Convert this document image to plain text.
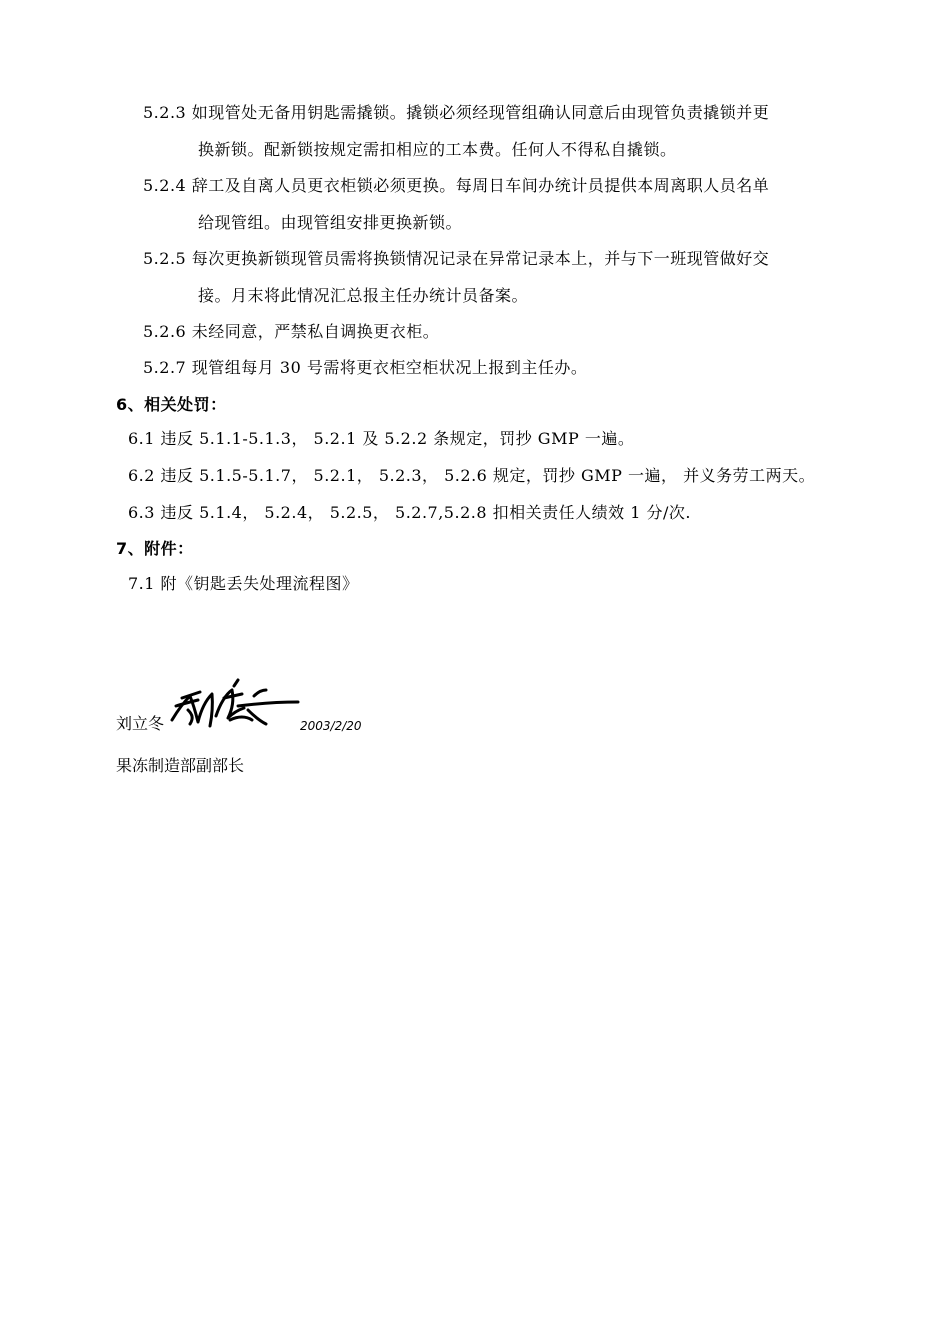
5.2.3 如现管处无备用钥匙需撬锁。撬锁必须经现管组确认同意后由现管负责撬锁并更
换新锁。配新锁按规定需扣相应的工本费。任何人不得私自撬锁。
5.2.4 辞工及自离人员更衣柜锁必须更换。每周日车间办统计员提供本周离职人员名单
给现管组。由现管组安排更换新锁。
5.2.5 每次更换新锁现管员需将换锁情况记录在异常记录本上，并与下一班现管做好交
接。月末将此情况汇总报主任办统计员备案。
5.2.6 未经同意，严禁私自调换更衣柜。
5.2.7 现管组每月 30 号需将更衣柜空柜状况上报到主任办。
6、相关处罚：
6.1 违反 5.1.1-5.1.3， 5.2.1 及 5.2.2 条规定，罚抄 GMP 一遍。
6.2 违反 5.1.5-5.1.7， 5.2.1， 5.2.3， 5.2.6 规定，罚抄 GMP 一遍， 并义务劳工两天。
6.3 违反 5.1.4， 5.2.4， 5.2.5， 5.2.7,5.2.8 扣相关责任人绩效 1 分/次.
7、附件：
7.1 附《钥匙丢失处理流程图》
刘立冬	2003/2/20
果冻制造部副部长
